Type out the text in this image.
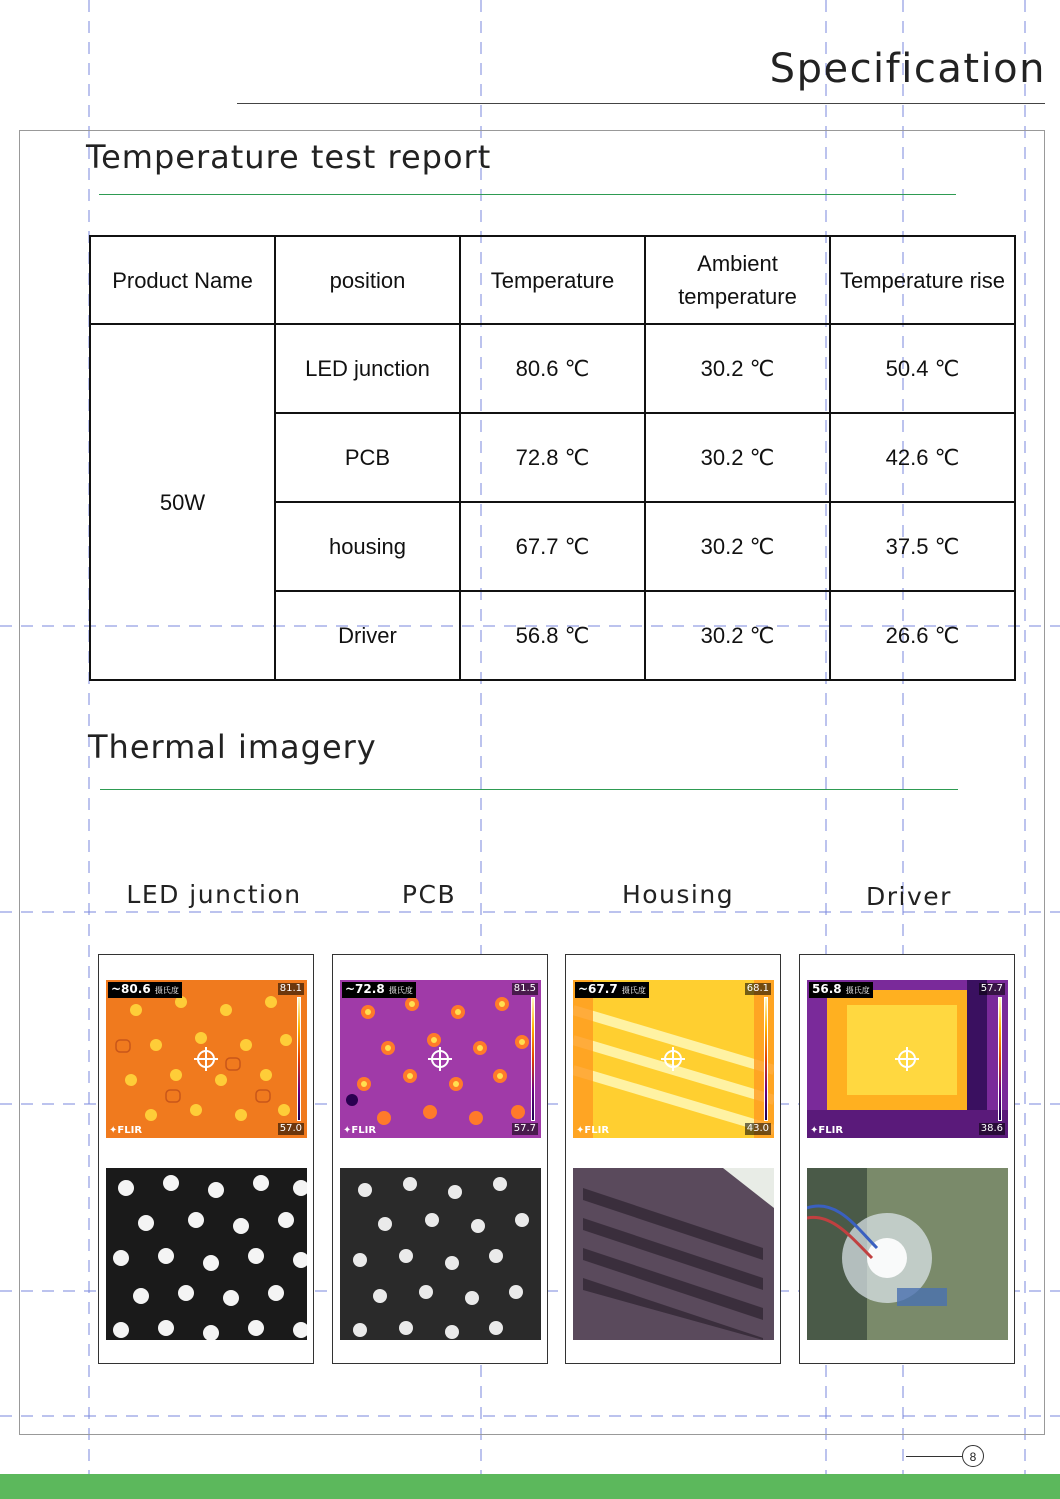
Specification
Temperature test report
Product Name	position	Temperature	Ambient temperature	Temperature rise
50W	LED junction	80.6 ℃	30.2 ℃	50.4 ℃
	PCB	72.8 ℃	30.2 ℃	42.6 ℃
	housing	67.7 ℃	30.2 ℃	37.5 ℃
	Driver	56.8 ℃	30.2 ℃	26.6 ℃
Thermal imagery
LED junction	PCB	Housing	Driver
~80.6 摄氏度	81.1
57.0
✦FLIR
~72.8 摄氏度	81.5
57.7
✦FLIR
~67.7 摄氏度	68.1
43.0
✦FLIR
56.8 摄氏度	57.7
38.6
✦FLIR
8
